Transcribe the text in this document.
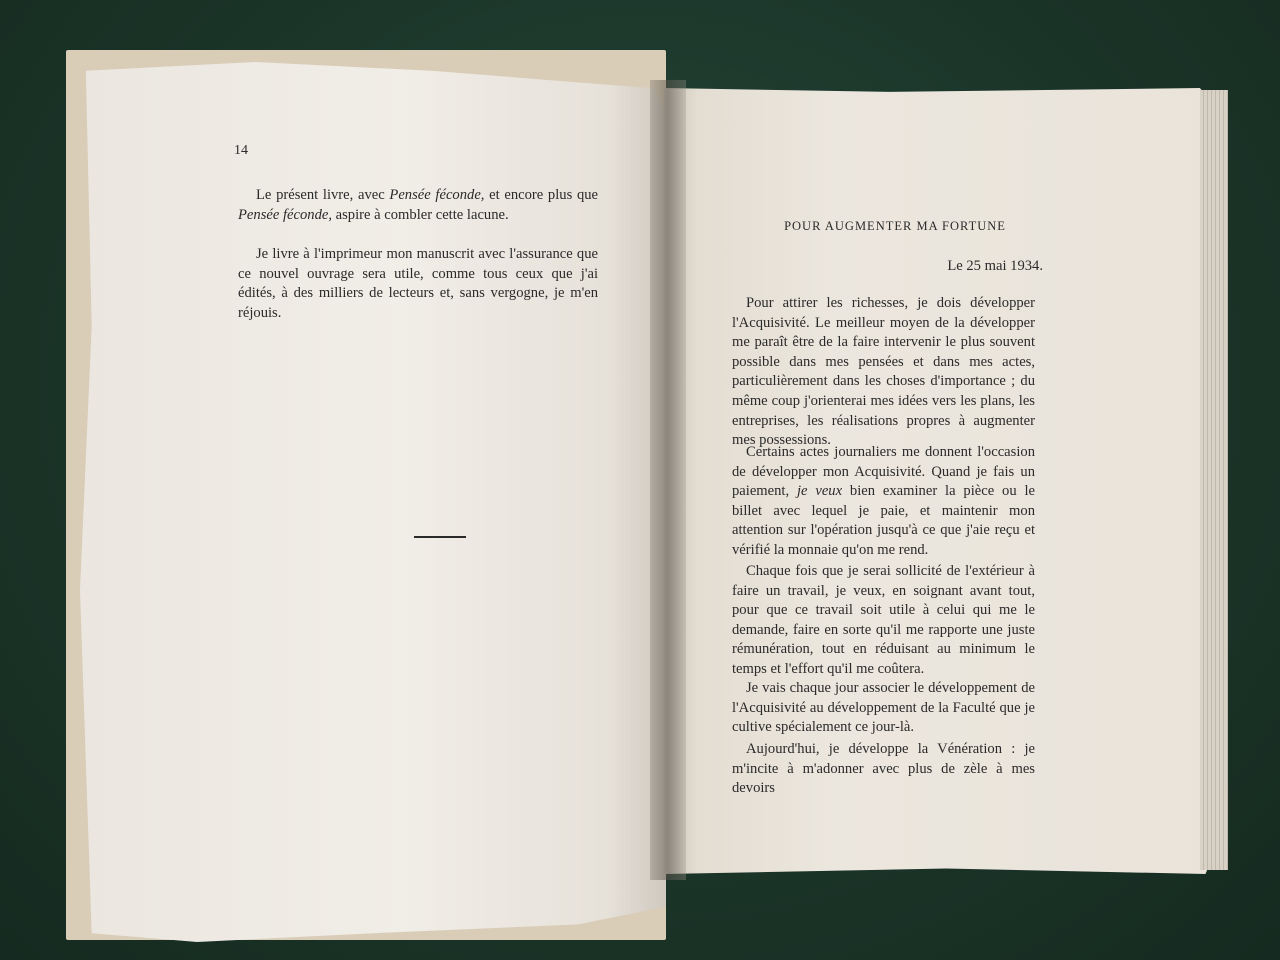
14

Le présent livre, avec Pensée féconde, et encore plus que Pensée féconde, aspire à combler cette lacune.

Je livre à l'imprimeur mon manuscrit avec l'assurance que ce nouvel ouvrage sera utile, comme tous ceux que j'ai édités, à des milliers de lecteurs et, sans vergogne, je m'en réjouis.

POUR AUGMENTER MA FORTUNE
Le 25 mai 1934.

Pour attirer les richesses, je dois développer l'Acquisivité. Le meilleur moyen de la développer me paraît être de la faire intervenir le plus souvent possible dans mes pensées et dans mes actes, particulièrement dans les choses d'importance ; du même coup j'orienterai mes idées vers les plans, les entreprises, les réalisations propres à augmenter mes possessions.

Certains actes journaliers me donnent l'occasion de développer mon Acquisivité. Quand je fais un paiement, je veux bien examiner la pièce ou le billet avec lequel je paie, et maintenir mon attention sur l'opération jusqu'à ce que j'aie reçu et vérifié la monnaie qu'on me rend.

Chaque fois que je serai sollicité de l'extérieur à faire un travail, je veux, en soignant avant tout, pour que ce travail soit utile à celui qui me le demande, faire en sorte qu'il me rapporte une juste rémunération, tout en réduisant au minimum le temps et l'effort qu'il me coûtera.

Je vais chaque jour associer le développement de l'Acquisivité au développement de la Faculté que je cultive spécialement ce jour-là.

Aujourd'hui, je développe la Vénération : je m'incite à m'adonner avec plus de zèle à mes devoirs
